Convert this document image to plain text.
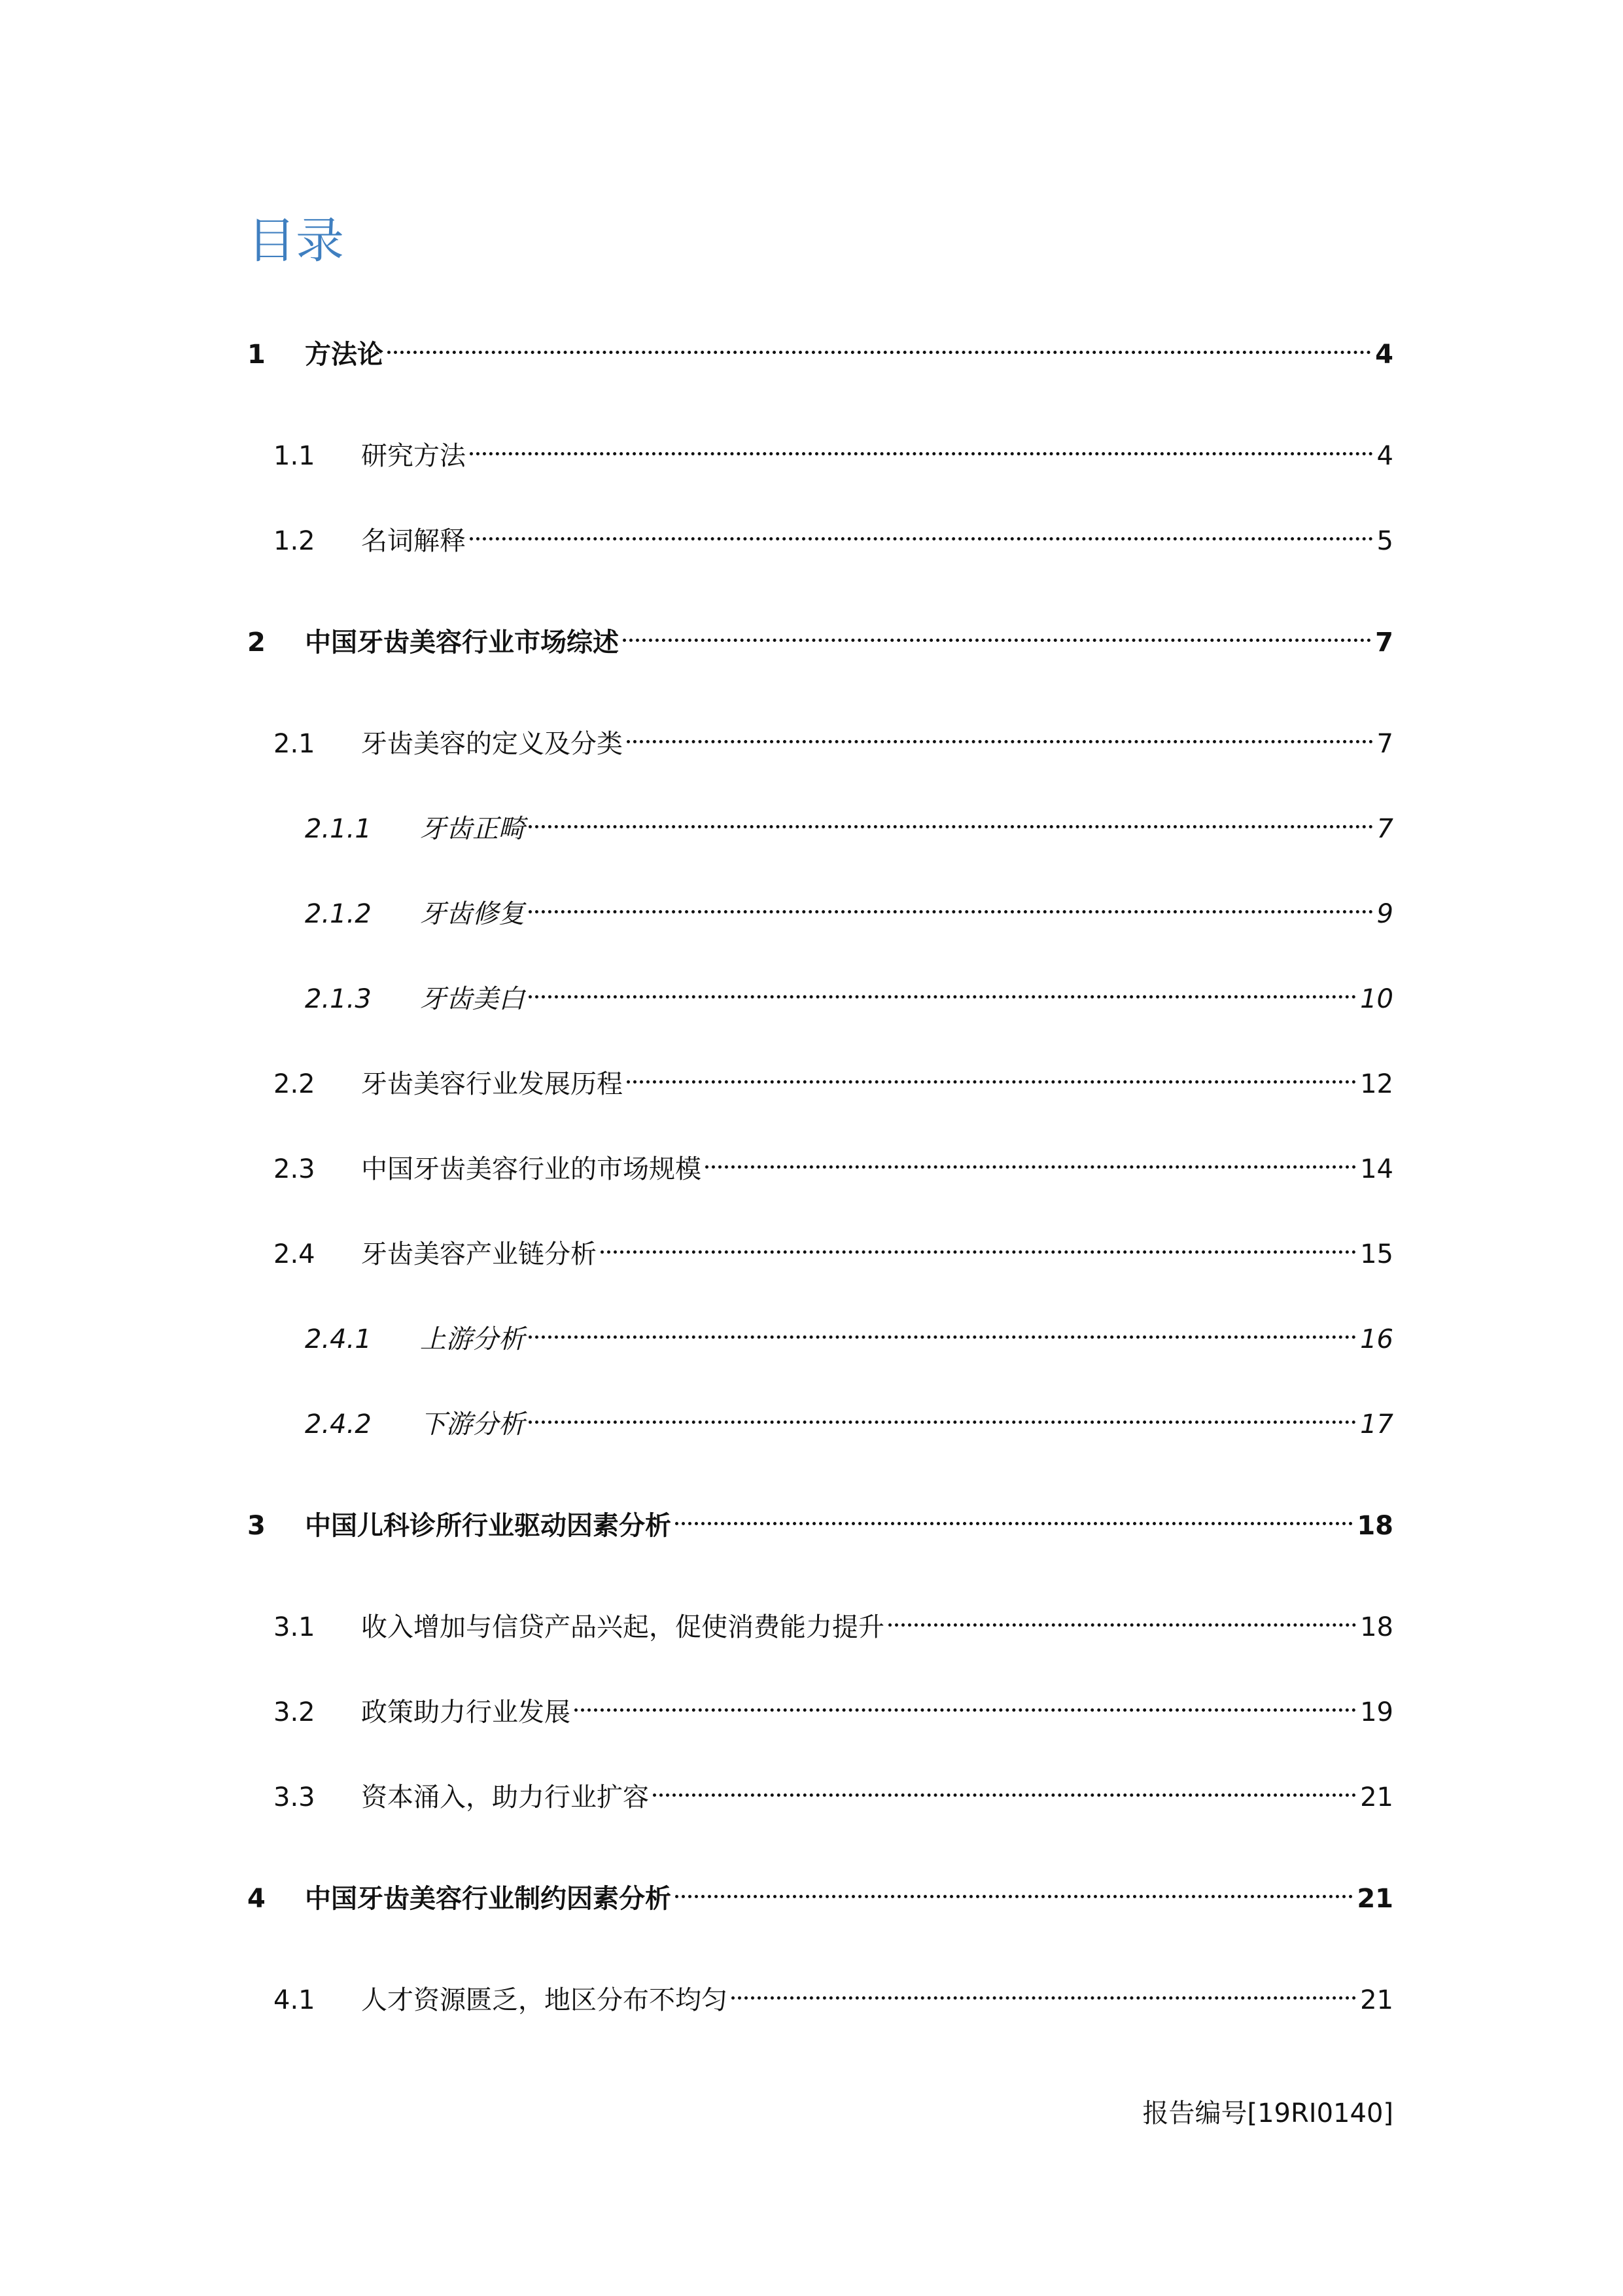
目录
1	方法论	4
1.1	研究方法	4
1.2	名词解释	5
2	中国牙齿美容行业市场综述	7
2.1	牙齿美容的定义及分类	7
2.1.1	牙齿正畸	7
2.1.2	牙齿修复	9
2.1.3	牙齿美白	10
2.2	牙齿美容行业发展历程	12
2.3	中国牙齿美容行业的市场规模	14
2.4	牙齿美容产业链分析	15
2.4.1	上游分析	16
2.4.2	下游分析	17
3	中国儿科诊所行业驱动因素分析	18
3.1	收入增加与信贷产品兴起，促使消费能力提升	18
3.2	政策助力行业发展	19
3.3	资本涌入，助力行业扩容	21
4	中国牙齿美容行业制约因素分析	21
4.1	人才资源匮乏，地区分布不均匀	21
报告编号[19RI0140]
